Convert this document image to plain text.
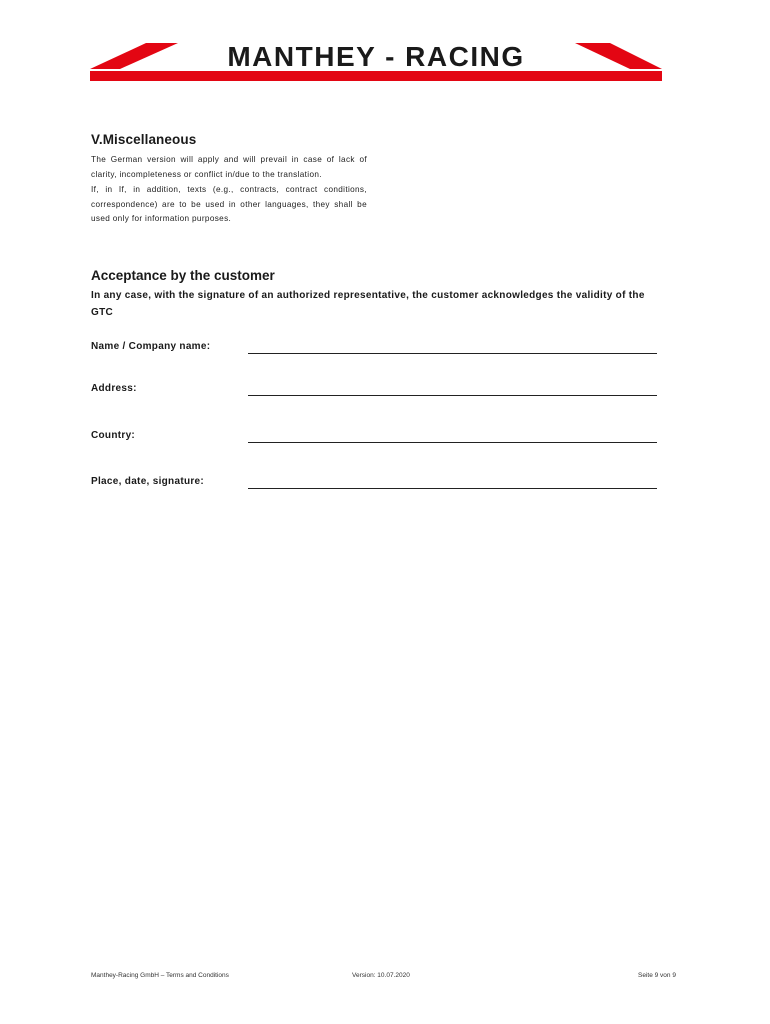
MANTHEY - RACING
V.Miscellaneous
The German version will apply and will prevail in case of lack of clarity, incompleteness or conflict in/due to the translation.
If, in If, in addition, texts (e.g., contracts, contract conditions, correspondence) are to be used in other languages, they shall be used only for information purposes.
Acceptance by the customer
In any case, with the signature of an authorized representative, the customer acknowledges the validity of the GTC
Name / Company name:
Address:
Country:
Place, date, signature:
Manthey-Racing GmbH – Terms and Conditions	Version: 10.07.2020	Seite 9 von 9
